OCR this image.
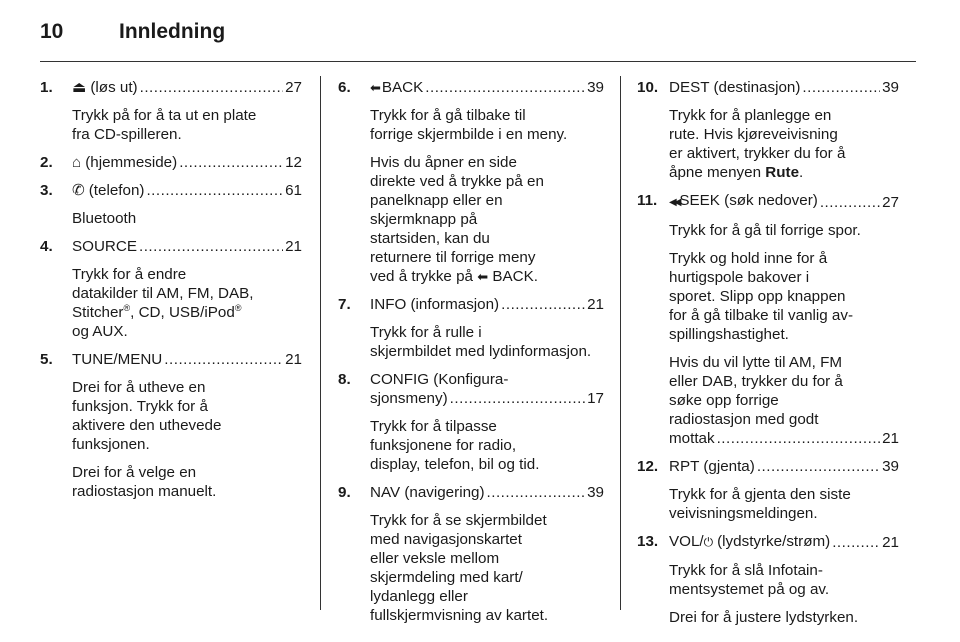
10	Innledning
1. ⏏ (løs ut) .....	27
Trykk på for å ta ut en plate
fra CD-spilleren.
2. ⌂ (hjemmeside) .....	12
3. ✆ (telefon) .....	61
Bluetooth
4. SOURCE .....	21
Trykk for å endre
datakilder til AM, FM, DAB,
Stitcher®, CD, USB/iPod®
og AUX.
5. TUNE/MENU .....	21
Drei for å utheve en
funksjon. Trykk for å
aktivere den uthevede
funksjonen.
Drei for å velge en
radiostasjon manuelt.
6. ⬅BACK .....	39
Trykk for å gå tilbake til
forrige skjermbilde i en meny.
Hvis du åpner en side
direkte ved å trykke på en
panelknapp eller en
skjermknapp på
startsiden, kan du
returnere til forrige meny
ved å trykke på ⬅ BACK.
7. INFO (informasjon) .....	21
Trykk for å rulle i
skjermbildet med lydinformasjon.
8. CONFIG (Konfigura-
sjonsmeny) .....	17
Trykk for å tilpasse
funksjonene for radio,
display, telefon, bil og tid.
9. NAV (navigering) .....	39
Trykk for å se skjermbildet
med navigasjonskartet
eller veksle mellom
skjermdeling med kart/
lydanlegg eller
fullskjermvisning av kartet.
10. DEST (destinasjon) .....	39
Trykk for å planlegge en
rute. Hvis kjøreveivisning
er aktivert, trykker du for å
åpne menyen Rute.
11. ◀◀SEEK (søk nedover) .....	27
Trykk for å gå til forrige spor.
Trykk og hold inne for å
hurtigspole bakover i
sporet. Slipp opp knappen
for å gå tilbake til vanlig av-
spillingshastighet.
Hvis du vil lytte til AM, FM
eller DAB, trykker du for å
søke opp forrige
radiostasjon med godt
mottak .....	21
12. RPT (gjenta) .....	39
Trykk for å gjenta den siste
veivisningsmeldingen.
13. VOL/⏻ (lydstyrke/strøm) .....	21
Trykk for å slå Infotain-
mentsystemet på og av.
Drei for å justere lydstyrken.
